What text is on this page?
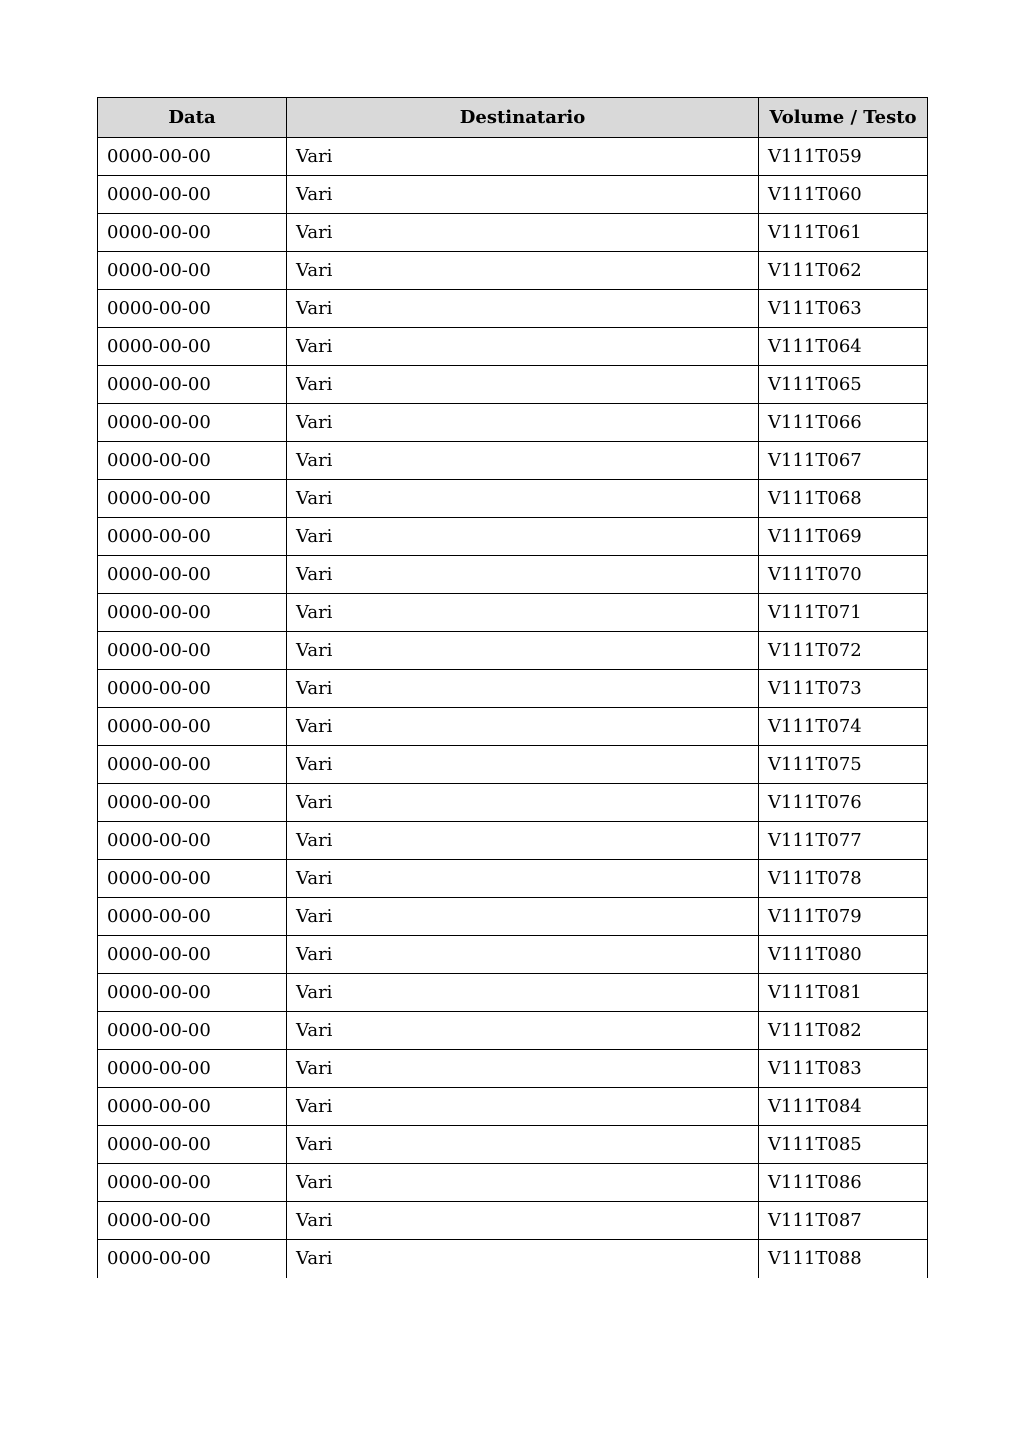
Data	Destinatario	Volume / Testo
0000-00-00	Vari	V111T059
0000-00-00	Vari	V111T060
0000-00-00	Vari	V111T061
0000-00-00	Vari	V111T062
0000-00-00	Vari	V111T063
0000-00-00	Vari	V111T064
0000-00-00	Vari	V111T065
0000-00-00	Vari	V111T066
0000-00-00	Vari	V111T067
0000-00-00	Vari	V111T068
0000-00-00	Vari	V111T069
0000-00-00	Vari	V111T070
0000-00-00	Vari	V111T071
0000-00-00	Vari	V111T072
0000-00-00	Vari	V111T073
0000-00-00	Vari	V111T074
0000-00-00	Vari	V111T075
0000-00-00	Vari	V111T076
0000-00-00	Vari	V111T077
0000-00-00	Vari	V111T078
0000-00-00	Vari	V111T079
0000-00-00	Vari	V111T080
0000-00-00	Vari	V111T081
0000-00-00	Vari	V111T082
0000-00-00	Vari	V111T083
0000-00-00	Vari	V111T084
0000-00-00	Vari	V111T085
0000-00-00	Vari	V111T086
0000-00-00	Vari	V111T087
0000-00-00	Vari	V111T088
